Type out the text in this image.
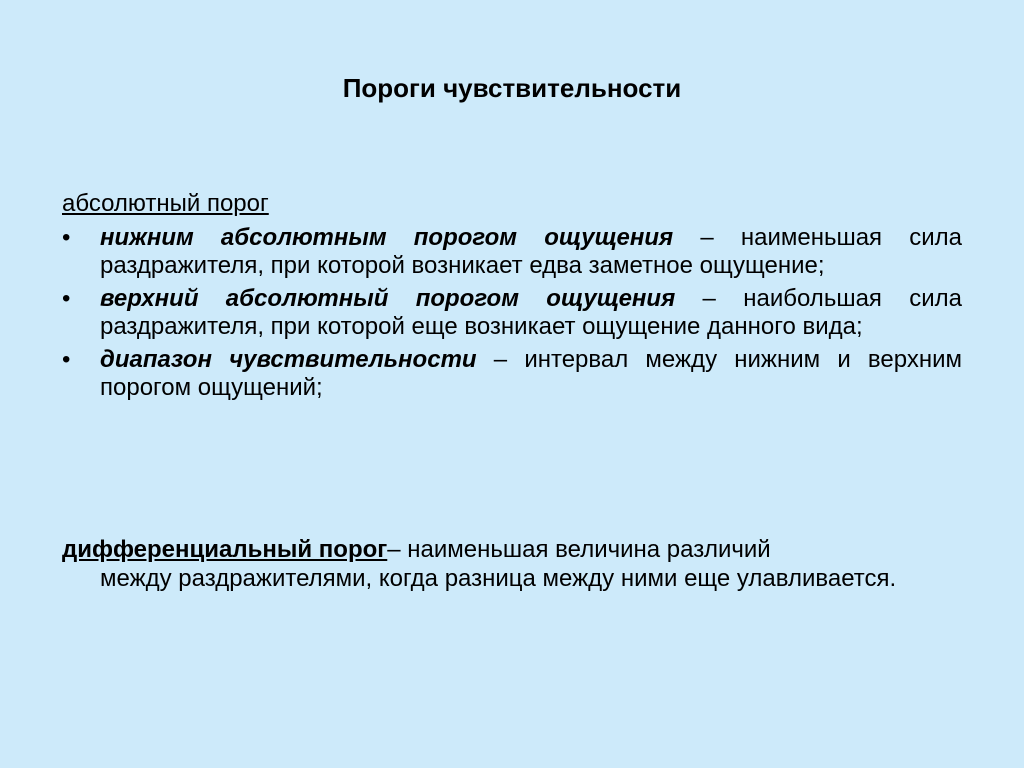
Пороги чувствительности
абсолютный порог
• нижним абсолютным порогом ощущения – наименьшая сила раздражителя, при которой возникает едва заметное ощущение;
• верхний абсолютный порогом ощущения – наибольшая сила раздражителя, при которой еще возникает ощущение данного вида;
• диапазон чувствительности – интервал между нижним и верхним порогом ощущений;
дифференциальный порог– наименьшая величина различий
между раздражителями, когда разница между ними еще улавливается.
